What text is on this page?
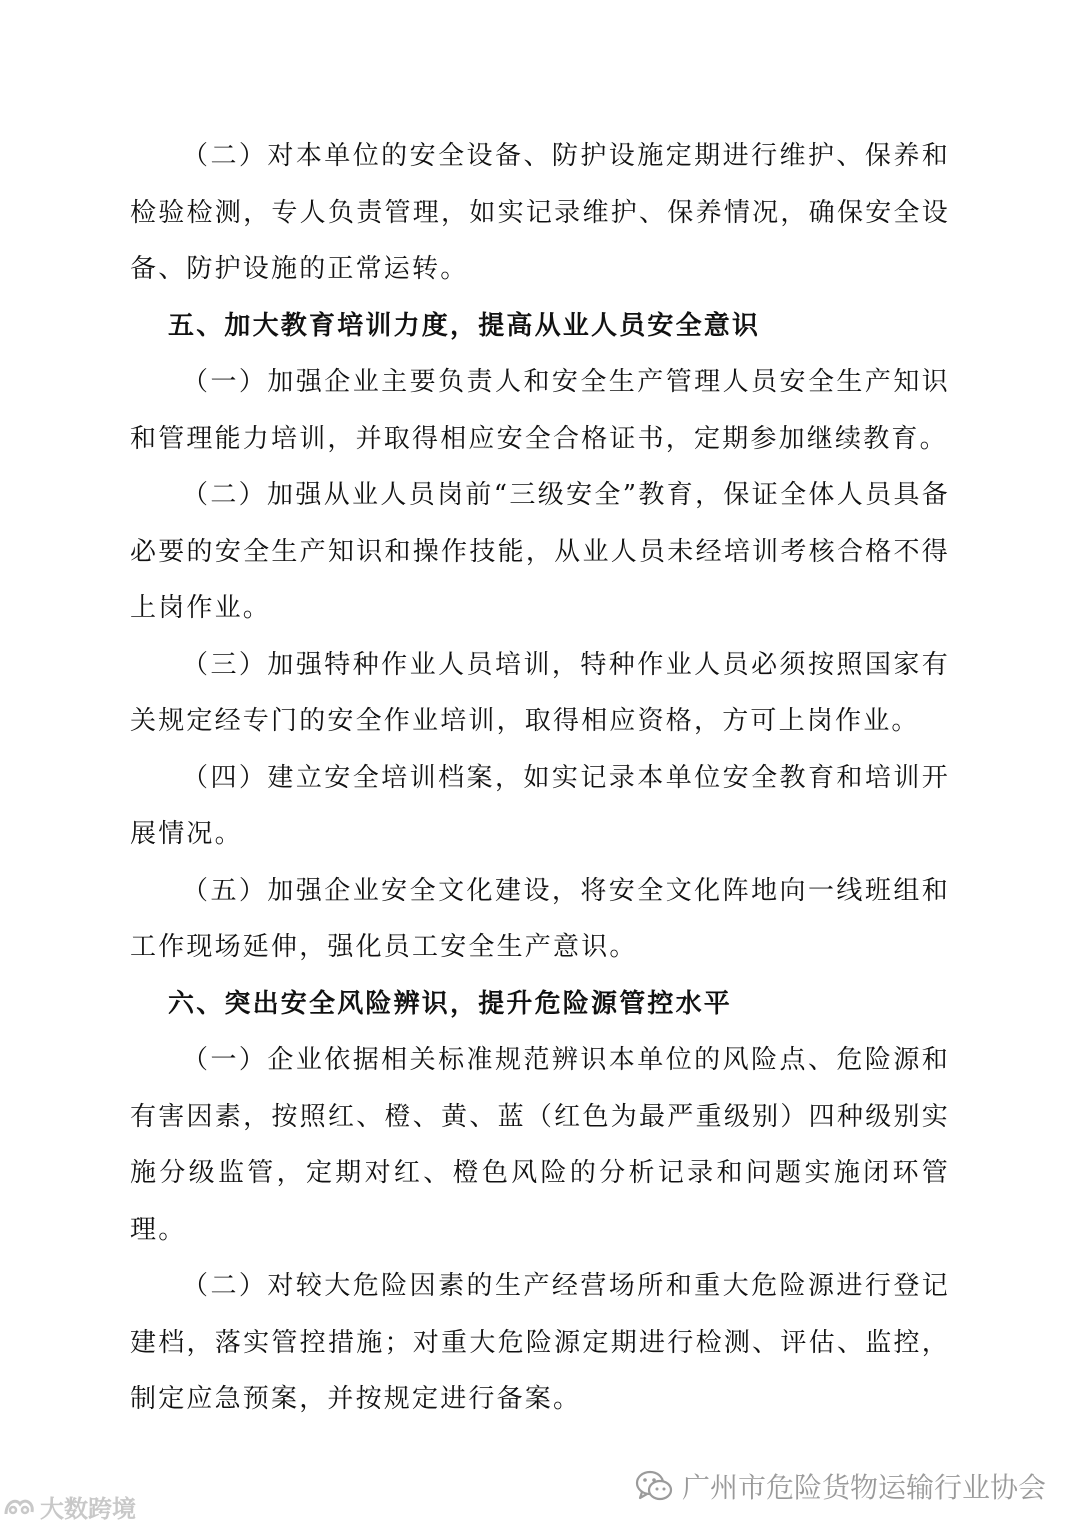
（二）对本单位的安全设备、防护设施定期进行维护、保养和检验检测，专人负责管理，如实记录维护、保养情况，确保安全设备、防护设施的正常运转。

五、加大教育培训力度，提高从业人员安全意识

（一）加强企业主要负责人和安全生产管理人员安全生产知识和管理能力培训，并取得相应安全合格证书，定期参加继续教育。

（二）加强从业人员岗前“三级安全”教育，保证全体人员具备必要的安全生产知识和操作技能，从业人员未经培训考核合格不得上岗作业。

（三）加强特种作业人员培训，特种作业人员必须按照国家有关规定经专门的安全作业培训，取得相应资格，方可上岗作业。

（四）建立安全培训档案，如实记录本单位安全教育和培训开展情况。

（五）加强企业安全文化建设，将安全文化阵地向一线班组和工作现场延伸，强化员工安全生产意识。

六、突出安全风险辨识，提升危险源管控水平

（一）企业依据相关标准规范辨识本单位的风险点、危险源和有害因素，按照红、橙、黄、蓝（红色为最严重级别）四种级别实施分级监管，定期对红、橙色风险的分析记录和问题实施闭环管理。

（二）对较大危险因素的生产经营场所和重大危险源进行登记建档，落实管控措施；对重大危险源定期进行检测、评估、监控，制定应急预案，并按规定进行备案。

广州市危险货物运输行业协会
大数跨境
